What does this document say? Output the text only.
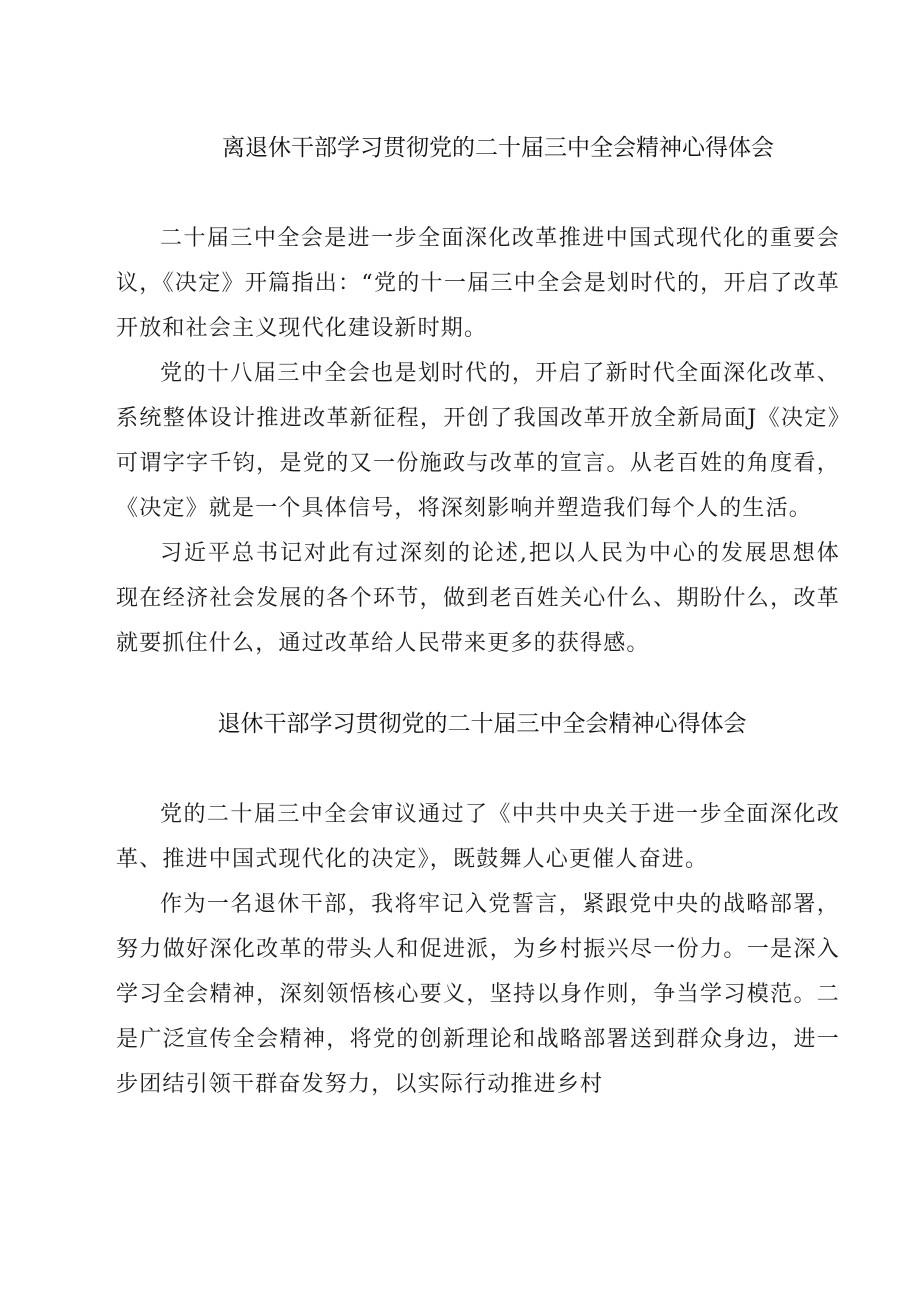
离退休干部学习贯彻党的二十届三中全会精神心得体会

二十届三中全会是进一步全面深化改革推进中国式现代化的重要会议，《决定》开篇指出：“党的十一届三中全会是划时代的，开启了改革开放和社会主义现代化建设新时期。

党的十八届三中全会也是划时代的，开启了新时代全面深化改革、系统整体设计推进改革新征程，开创了我国改革开放全新局面J《决定》可谓字字千钧，是党的又一份施政与改革的宣言。从老百姓的角度看，《决定》就是一个具体信号，将深刻影响并塑造我们每个人的生活。

习近平总书记对此有过深刻的论述,把以人民为中心的发展思想体现在经济社会发展的各个环节，做到老百姓关心什么、期盼什么，改革就要抓住什么，通过改革给人民带来更多的获得感。

退休干部学习贯彻党的二十届三中全会精神心得体会

党的二十届三中全会审议通过了《中共中央关于进一步全面深化改革、推进中国式现代化的决定》，既鼓舞人心更催人奋进。

作为一名退休干部，我将牢记入党誓言，紧跟党中央的战略部署，努力做好深化改革的带头人和促进派，为乡村振兴尽一份力。一是深入学习全会精神，深刻领悟核心要义，坚持以身作则，争当学习模范。二是广泛宣传全会精神，将党的创新理论和战略部署送到群众身边，进一步团结引领干群奋发努力，以实际行动推进乡村
